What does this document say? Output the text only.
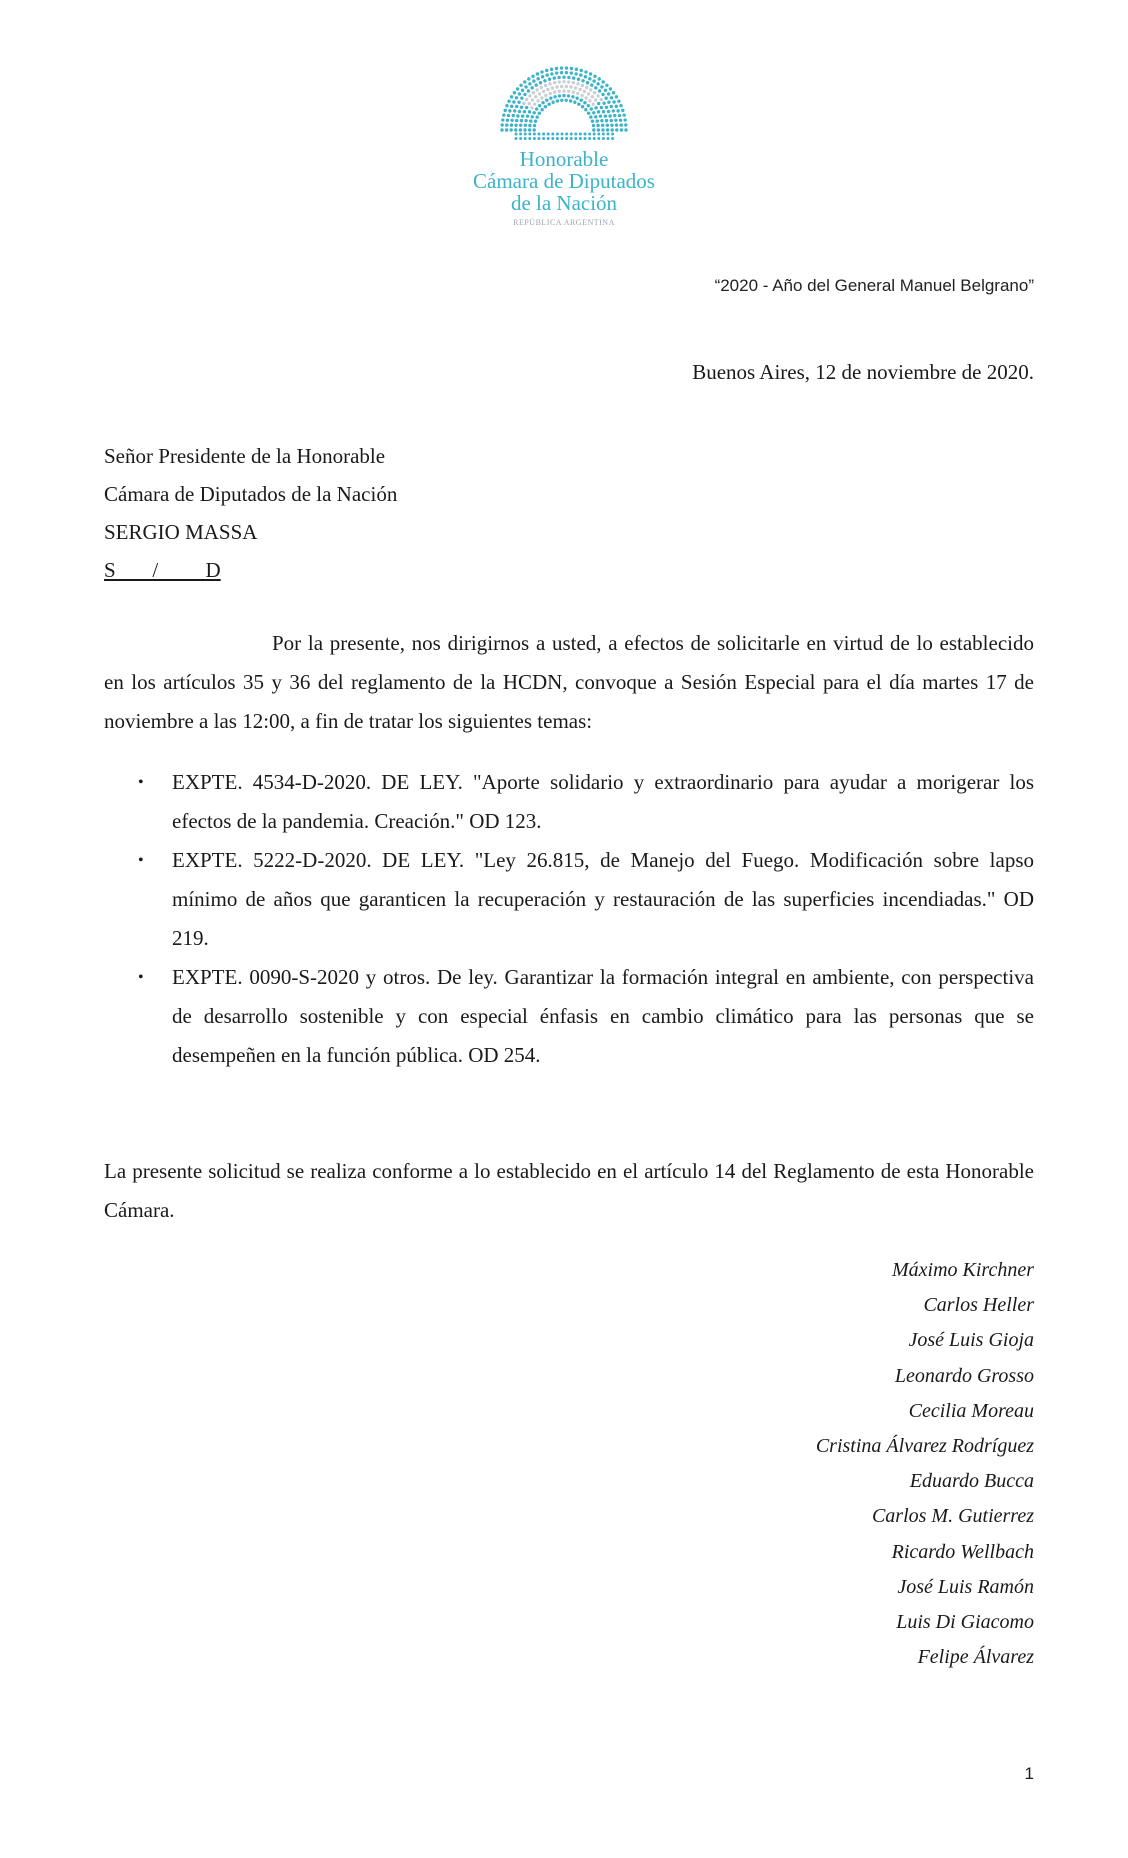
Honorable
Cámara de Diputados
de la Nación
REPÚBLICA ARGENTINA
“2020 - Año del General Manuel Belgrano”
Buenos Aires, 12 de noviembre de 2020.
Señor Presidente de la Honorable
Cámara de Diputados de la Nación
SERGIO MASSA
S       /         D

Por la presente, nos dirigirnos a usted, a efectos de solicitarle en virtud de lo establecido en los artículos 35 y 36 del reglamento de la HCDN, convoque a Sesión Especial para el día martes 17 de noviembre a las 12:00, a fin de tratar los siguientes temas:

• EXPTE. 4534-D-2020. DE LEY. "Aporte solidario y extraordinario para ayudar a morigerar los efectos de la pandemia. Creación." OD 123.
• EXPTE. 5222-D-2020. DE LEY. "Ley 26.815, de Manejo del Fuego. Modificación sobre lapso mínimo de años que garanticen la recuperación y restauración de las superficies incendiadas." OD 219.
• EXPTE. 0090-S-2020 y otros. De ley. Garantizar la formación integral en ambiente, con perspectiva de desarrollo sostenible y con especial énfasis en cambio climático para las personas que se desempeñen en la función pública. OD 254.

La presente solicitud se realiza conforme a lo establecido en el artículo 14 del Reglamento de esta Honorable Cámara.

Máximo Kirchner
Carlos Heller
José Luis Gioja
Leonardo Grosso
Cecilia Moreau
Cristina Álvarez Rodríguez
Eduardo Bucca
Carlos M. Gutierrez
Ricardo Wellbach
José Luis Ramón
Luis Di Giacomo
Felipe Álvarez
1
